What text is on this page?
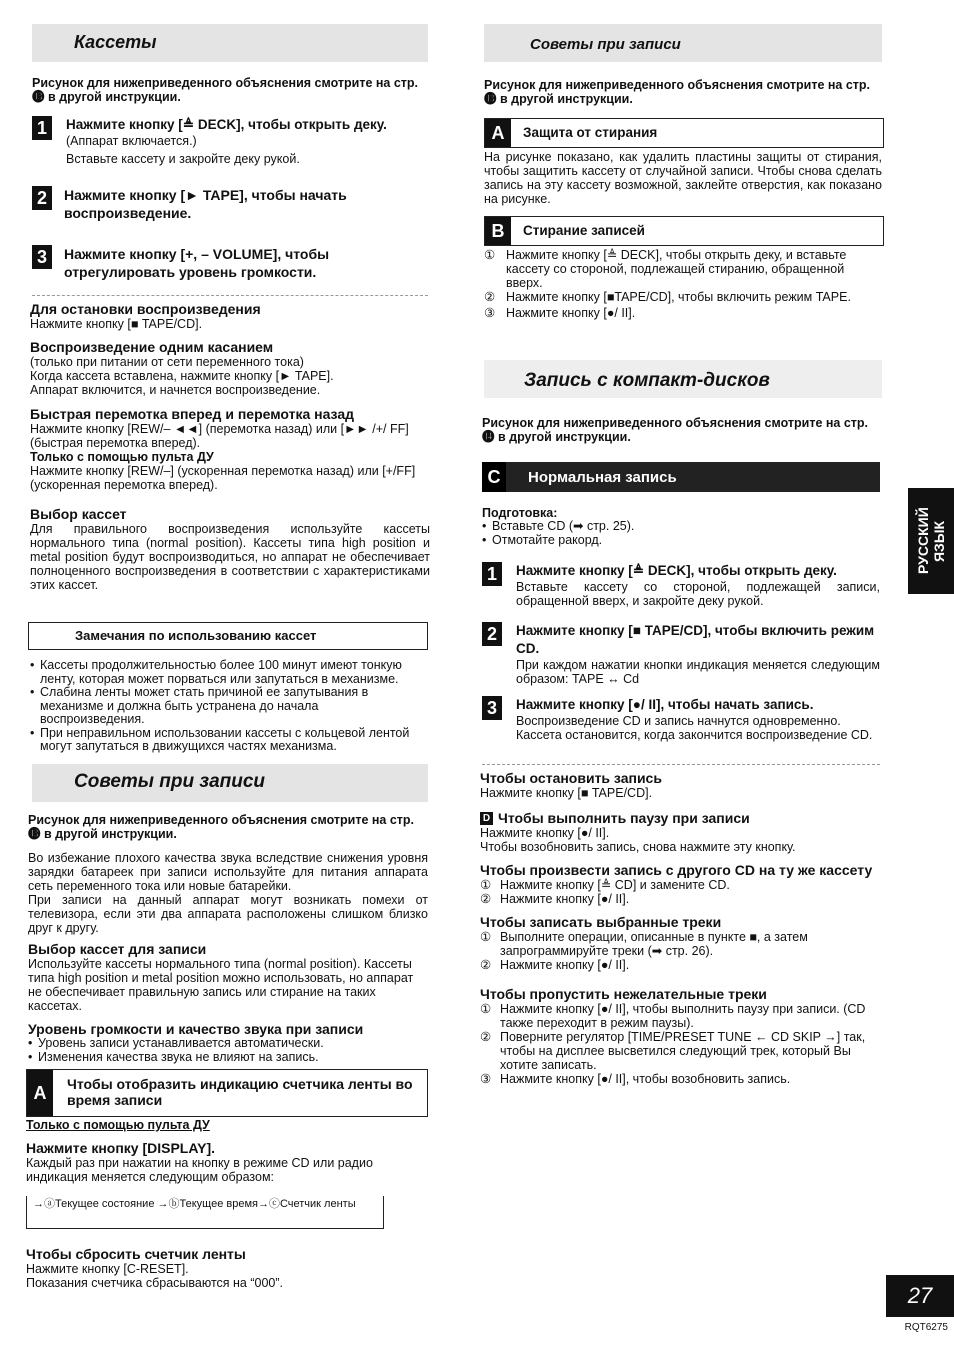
Кассеты
Рисунок для нижеприведенного объяснения смотрите на стр. ⓭ в другой инструкции.
1	Нажмите кнопку [≜ DECK], чтобы открыть деку.
(Аппарат включается.)
Вставьте кассету и закройте деку рукой.
2	Нажмите кнопку [► TAPE], чтобы начать воспроизведение.
3	Нажмите кнопку [+, – VOLUME], чтобы отрегулировать уровень громкости.
Для остановки воспроизведения
Нажмите кнопку [■ TAPE/CD].
Воспроизведение одним касанием
(только при питании от сети переменного тока)
Когда кассета вставлена, нажмите кнопку [► TAPE].
Аппарат включится, и начнется воспроизведение.
Быстрая перемотка вперед и перемотка назад
Нажмите кнопку [REW/– ◄◄] (перемотка назад) или [►► /+/ FF] (быстрая перемотка вперед).
Только с помощью пульта ДУ
Нажмите кнопку [REW/–] (ускоренная перемотка назад) или [+/FF] (ускоренная перемотка вперед).
Выбор кассет
Для правильного воспроизведения используйте кассеты нормального типа (normal position). Кассеты типа high position и metal position будут воспроизводиться, но аппарат не обеспечивает полноценного воспроизведения в соответствии с характеристиками этих кассет.
Замечания по использованию кассет
• Кассеты продолжительностью более 100 минут имеют тонкую ленту, которая может порваться или запутаться в механизме.
• Слабина ленты может стать причиной ее запутывания в механизме и должна быть устранена до начала воспроизведения.
• При неправильном использовании кассеты с кольцевой лентой могут запутаться в движущихся частях механизма.
Советы при записи
Рисунок для нижеприведенного объяснения смотрите на стр. ⓭ в другой инструкции.
Во избежание плохого качества звука вследствие снижения уровня зарядки батареек при записи используйте для питания аппарата сеть переменного тока или новые батарейки.
При записи на данный аппарат могут возникать помехи от телевизора, если эти два аппарата расположены слишком близко друг к другу.
Выбор кассет для записи
Используйте кассеты нормального типа (normal position). Кассеты типа high position и metal position можно использовать, но аппарат не обеспечивает правильную запись или стирание на таких кассетах.
Уровень громкости и качество звука при записи
• Уровень записи устанавливается автоматически.
• Изменения качества звука не влияют на запись.
A	Чтобы отобразить индикацию счетчика ленты во время записи
Только с помощью пульта ДУ
Нажмите кнопку [DISPLAY].
Каждый раз при нажатии на кнопку в режиме CD или радио индикация меняется следующим образом:
→ⓐТекущее состояние →ⓑТекущее время→ⓒСчетчик ленты
Чтобы сбросить счетчик ленты
Нажмите кнопку [C-RESET].
Показания счетчика сбрасываются на “000”.
Советы при записи
Рисунок для нижеприведенного объяснения смотрите на стр. ⓭ в другой инструкции.
A	Защита от стирания
На рисунке показано, как удалить пластины защиты от стирания, чтобы защитить кассету от случайной записи. Чтобы снова сделать запись на эту кассету возможной, заклейте отверстия, как показано на рисунке.
B	Стирание записей
① Нажмите кнопку [≜ DECK], чтобы открыть деку, и вставьте кассету со стороной, подлежащей стиранию, обращенной вверх.
② Нажмите кнопку [■TAPE/CD], чтобы включить режим TAPE.
③ Нажмите кнопку [●/ II].
Запись с компакт-дисков
Рисунок для нижеприведенного объяснения смотрите на стр. ⓮ в другой инструкции.
C	Нормальная запись
Подготовка:
• Вставьте CD (➡ стр. 25).
• Отмотайте ракорд.
1	Нажмите кнопку [≜ DECK], чтобы открыть деку.
Вставьте кассету со стороной, подлежащей записи, обращенной вверх, и закройте деку рукой.
2	Нажмите кнопку [■ TAPE/CD], чтобы включить режим CD.
При каждом нажатии кнопки индикация меняется следующим образом: TAPE ↔ Cd
3	Нажмите кнопку [●/ II], чтобы начать запись.
Воспроизведение CD и запись начнутся одновременно. Кассета остановится, когда закончится воспроизведение CD.
Чтобы остановить запись
Нажмите кнопку [■ TAPE/CD].
D Чтобы выполнить паузу при записи
Нажмите кнопку [●/ II].
Чтобы возобновить запись, снова нажмите эту кнопку.
Чтобы произвести запись с другого CD на ту же кассету
① Нажмите кнопку [≜ CD] и замените CD.
② Нажмите кнопку [●/ II].
Чтобы записать выбранные треки
① Выполните операции, описанные в пункте ■, а затем запрограммируйте треки (➡ стр. 26).
② Нажмите кнопку [●/ II].
Чтобы пропустить нежелательные треки
① Нажмите кнопку [●/ II], чтобы выполнить паузу при записи. (CD также переходит в режим паузы).
② Поверните регулятор [TIME/PRESET TUNE ← CD SKIP →] так, чтобы на дисплее высветился следующий трек, который Вы хотите записать.
③ Нажмите кнопку [●/ II], чтобы возобновить запись.
РУССКИЙ ЯЗЫК
27
RQT6275
